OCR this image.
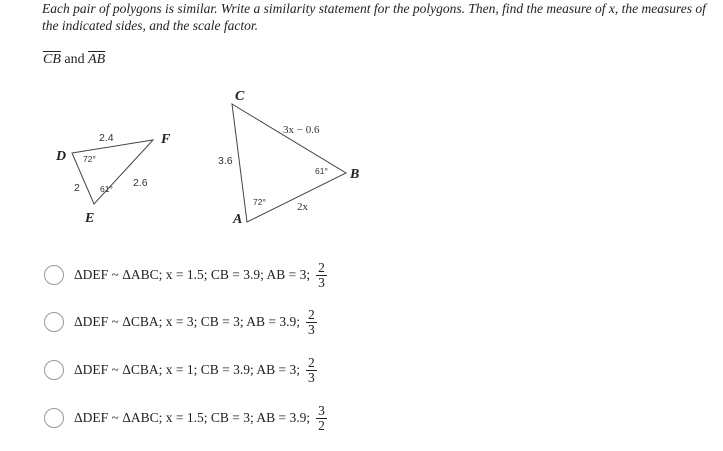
Each pair of polygons is similar. Write a similarity statement for the polygons. Then, find the measure of x, the measures of the indicated sides, and the scale factor.
$\overline{CB}$ and $\overline{AB}$
D
F
E
2.4
2	2.6
72°
61°
C
B
A
3.6
3x − 0.6
2x
61°
72°
ΔDEF ~ ΔABC; x = 1.5; CB = 3.9; AB = 3; $\frac{2}{3}$
ΔDEF ~ ΔCBA; x = 3; CB = 3; AB = 3.9; $\frac{2}{3}$
ΔDEF ~ ΔCBA; x = 1; CB = 3.9; AB = 3; $\frac{2}{3}$
ΔDEF ~ ΔABC; x = 1.5; CB = 3; AB = 3.9; $\frac{3}{2}$
